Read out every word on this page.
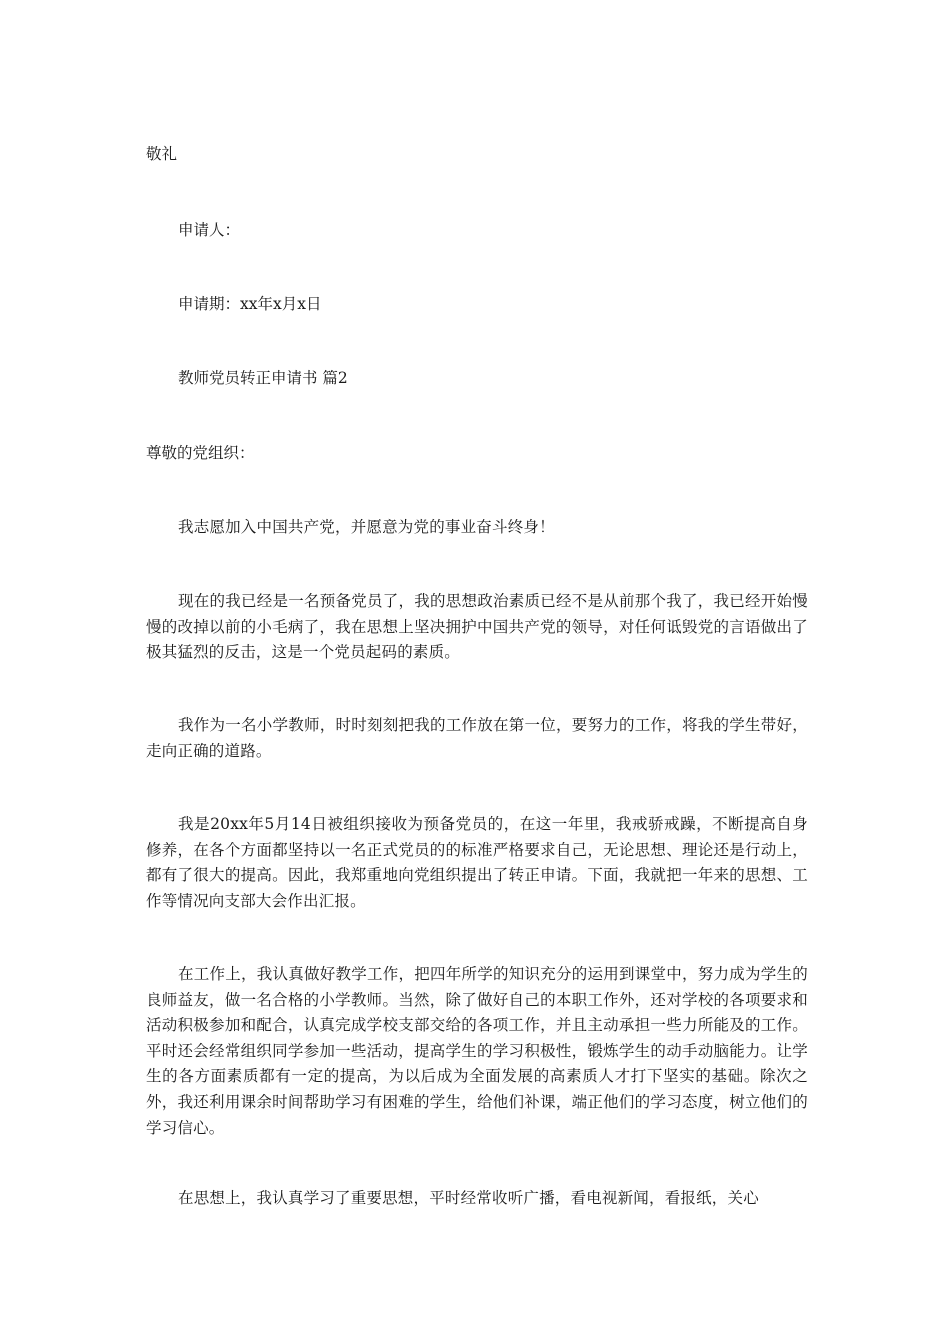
敬礼
申请人：
申请期：xx年x月x日
教师党员转正申请书 篇2
尊敬的党组织：
我志愿加入中国共产党，并愿意为党的事业奋斗终身！
现在的我已经是一名预备党员了，我的思想政治素质已经不是从前那个我了，我已经开始慢慢的改掉以前的小毛病了，我在思想上坚决拥护中国共产党的领导，对任何诋毁党的言语做出了极其猛烈的反击，这是一个党员起码的素质。
我作为一名小学教师，时时刻刻把我的工作放在第一位，要努力的工作，将我的学生带好，走向正确的道路。
我是20xx年5月14日被组织接收为预备党员的，在这一年里，我戒骄戒躁，不断提高自身修养，在各个方面都坚持以一名正式党员的的标准严格要求自己，无论思想、理论还是行动上，都有了很大的提高。因此，我郑重地向党组织提出了转正申请。下面，我就把一年来的思想、工作等情况向支部大会作出汇报。
在工作上，我认真做好教学工作，把四年所学的知识充分的运用到课堂中，努力成为学生的良师益友，做一名合格的小学教师。当然，除了做好自己的本职工作外，还对学校的各项要求和活动积极参加和配合，认真完成学校支部交给的各项工作，并且主动承担一些力所能及的工作。平时还会经常组织同学参加一些活动，提高学生的学习积极性，锻炼学生的动手动脑能力。让学生的各方面素质都有一定的提高，为以后成为全面发展的高素质人才打下坚实的基础。除次之外，我还利用课余时间帮助学习有困难的学生，给他们补课，端正他们的学习态度，树立他们的学习信心。
在思想上，我认真学习了重要思想，平时经常收听广播，看电视新闻，看报纸，关心
